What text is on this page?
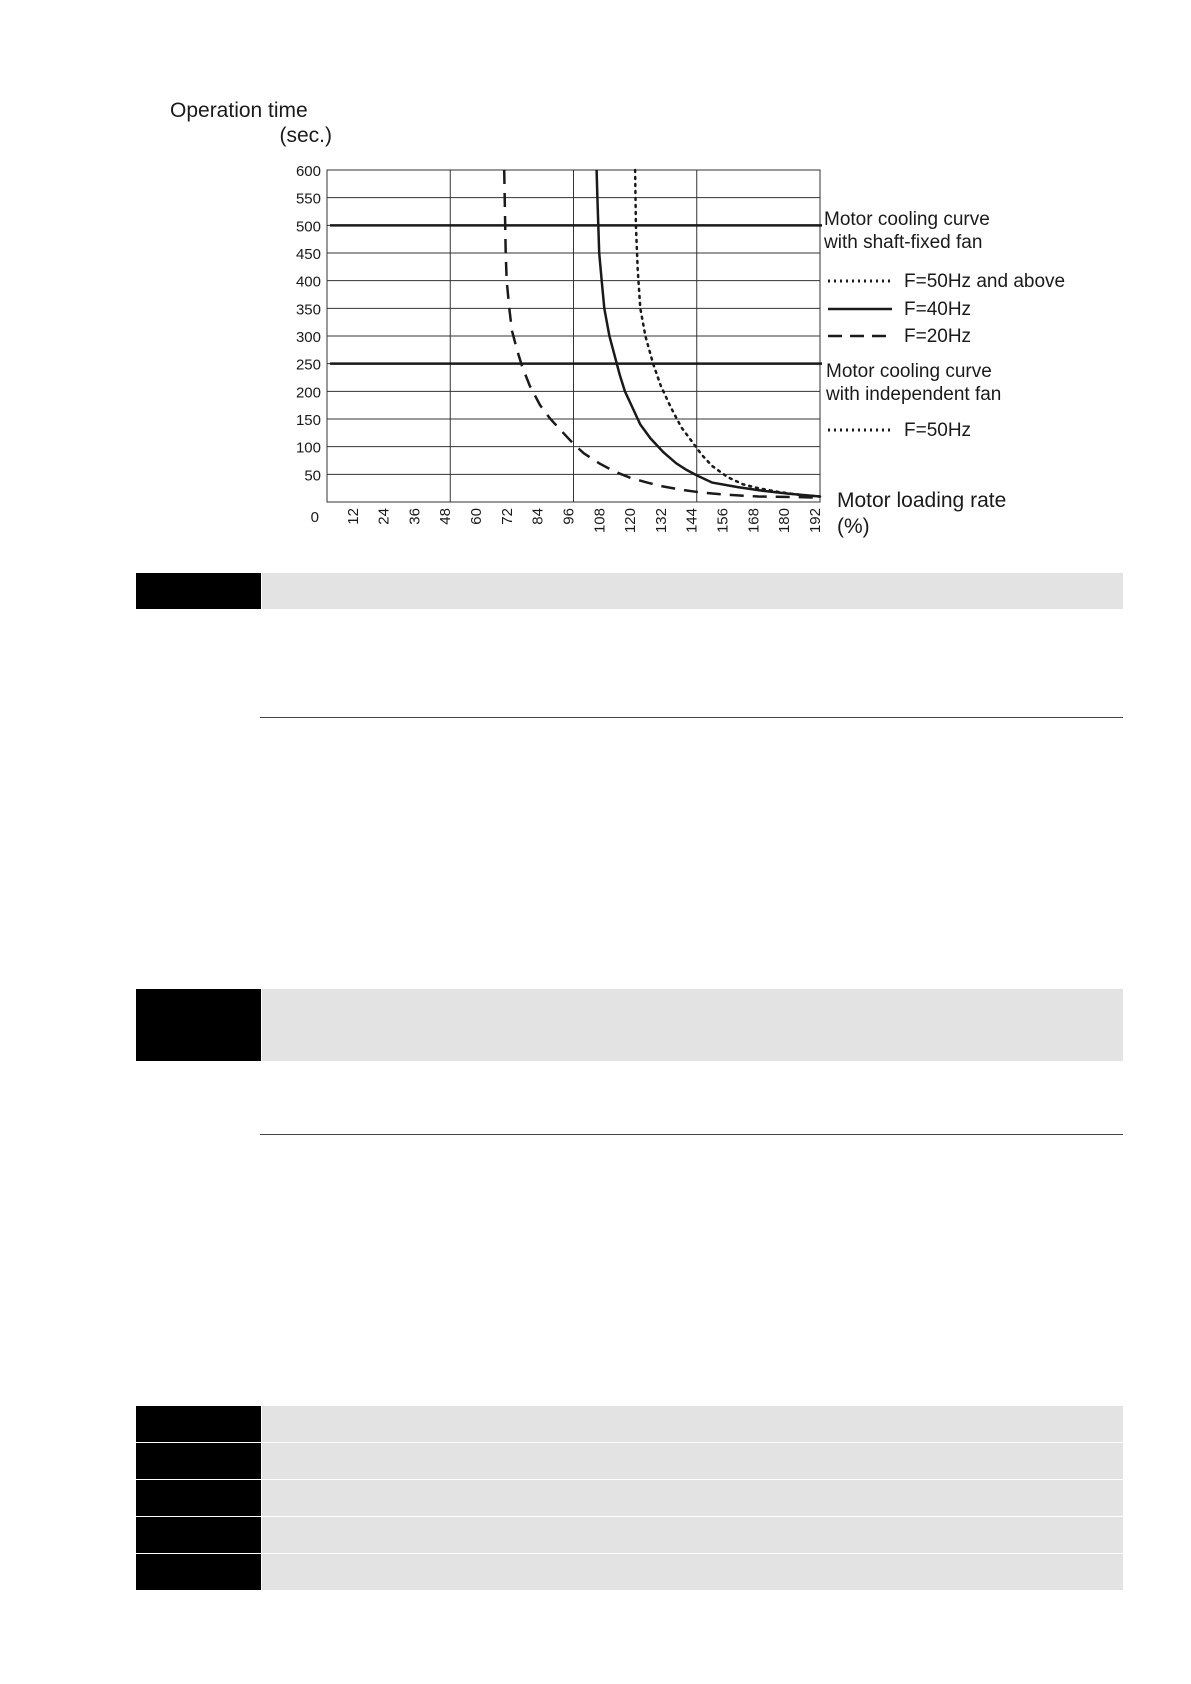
0
50
100
150
200
250
300
350
400
450
500
550
600
12 24 36 48 60 72 84 96 108 120 132 144 156 168 180 192
Operation time
(sec.)
Motor loading rate
(%)
Motor cooling curve
with shaft-fixed fan
Motor cooling curve
with independent fan
F=50Hz and above
F=40Hz
F=20Hz
F=50Hz
